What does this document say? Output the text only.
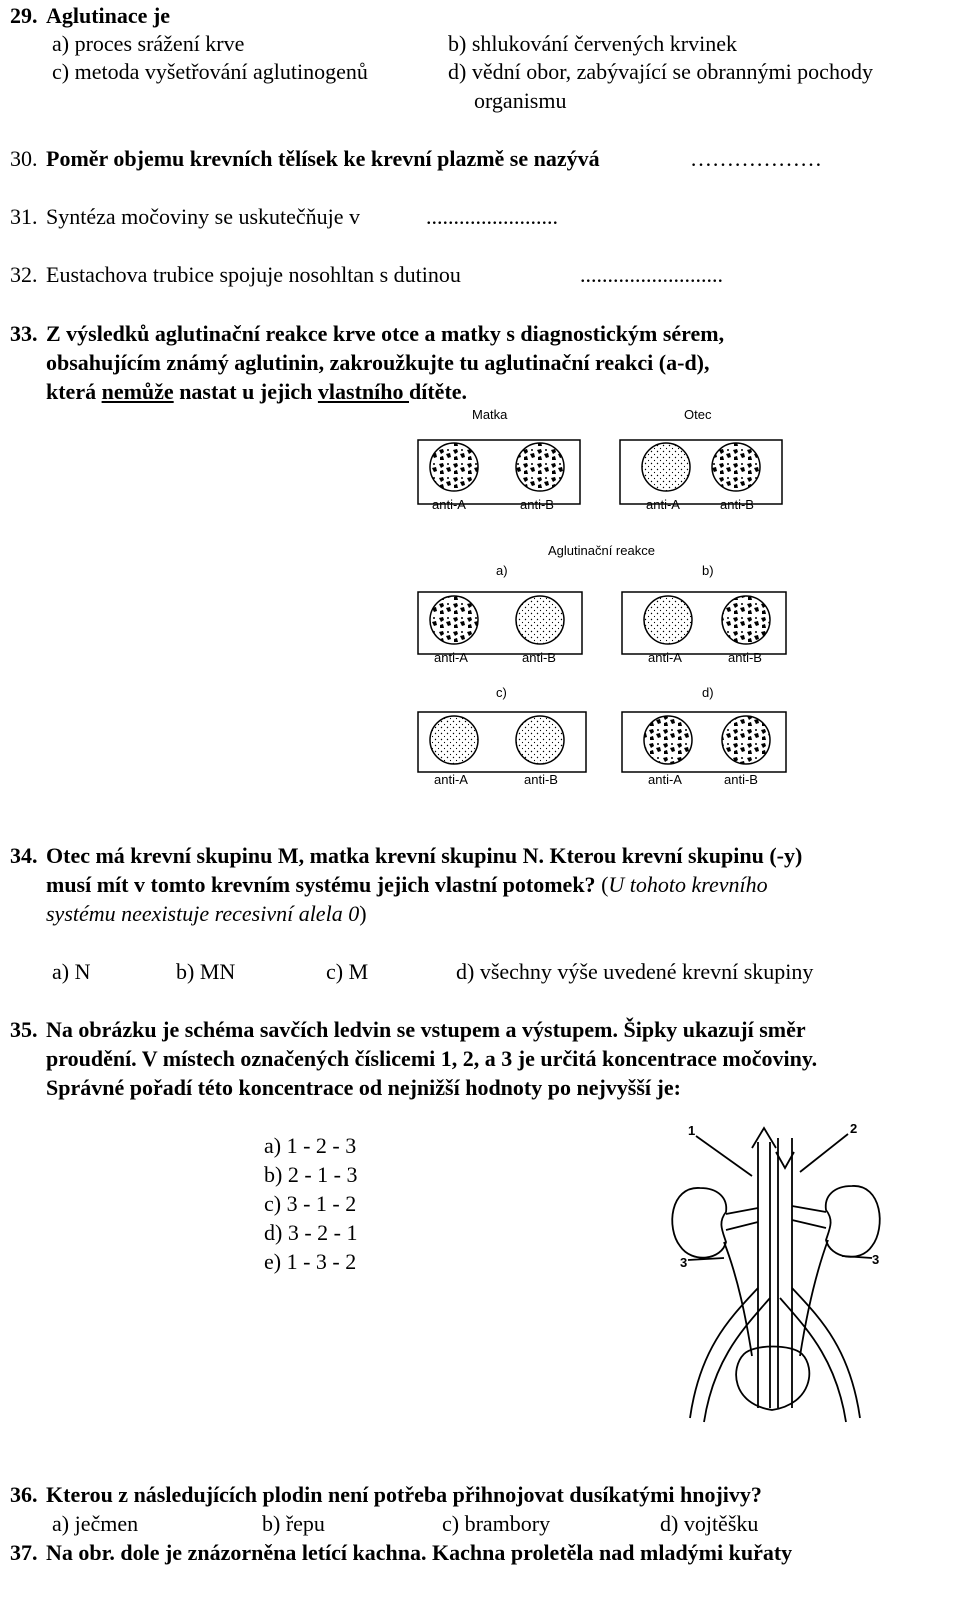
29. Aglutinace je
a) proces srážení krve	b) shlukování červených krvinek
c) metoda vyšetřování aglutinogenů	d) vědní obor, zabývající se obrannými pochody
organismu
30. Poměr objemu krevních tělísek ke krevní plazmě se nazývá	………………
31. Syntéza močoviny se uskutečňuje v	........................
32. Eustachova trubice spojuje nosohltan s dutinou	..........................
33. Z výsledků aglutinační reakce krve otce a matky s diagnostickým sérem,
obsahujícím známý aglutinin, zakroužkujte tu aglutinační reakci (a-d),
která nemůže nastat u jejich vlastního dítěte.
Matka	Otec
Aglutinační reakce
a)	b)
c)	d)
anti-A	anti-B	anti-A	anti-B
anti-A	anti-B	anti-A	anti-B
anti-A	anti-B	anti-A	anti-B
34. Otec má krevní skupinu M, matka krevní skupinu N. Kterou krevní skupinu (-y)
musí mít v tomto krevním systému jejich vlastní potomek? (U tohoto krevního
systému neexistuje recesivní alela 0)
a) N	b) MN	c) M	d) všechny výše uvedené krevní skupiny
35. Na obrázku je schéma savčích ledvin se vstupem a výstupem. Šipky ukazují směr
proudění. V místech označených číslicemi 1, 2, a 3 je určitá koncentrace močoviny.
Správné pořadí této koncentrace od nejnižší hodnoty po nejvyšší je:
a) 1 - 2 - 3
b) 2 - 1 - 3
c) 3 - 1 - 2
d) 3 - 2 - 1
e) 1 - 3 - 2
1	2
3	3
36. Kterou z následujících plodin není potřeba přihnojovat dusíkatými hnojivy?
a) ječmen	b) řepu	c) brambory	d) vojtěšku
37. Na obr. dole je znázorněna letící kachna. Kachna proletěla nad mladými kuřaty
